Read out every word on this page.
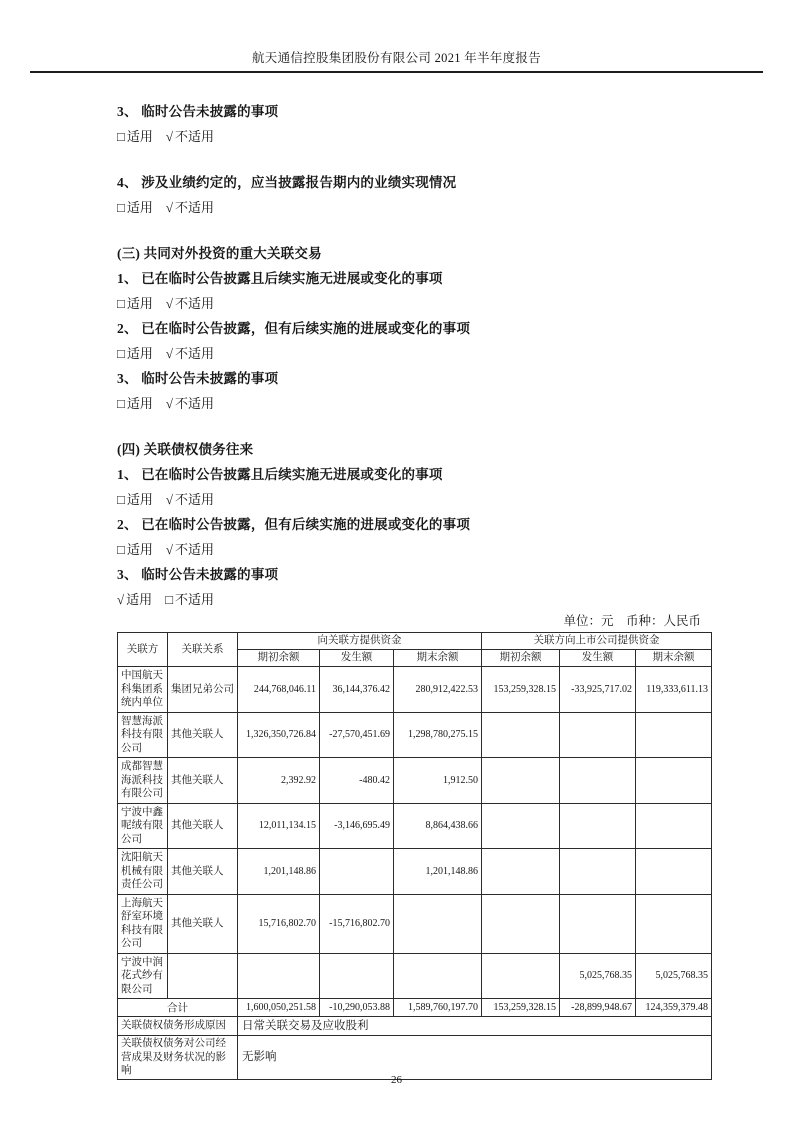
航天通信控股集团股份有限公司 2021 年半年度报告
3、 临时公告未披露的事项
□ 适用 √ 不适用
4、 涉及业绩约定的，应当披露报告期内的业绩实现情况
□ 适用 √ 不适用
(三) 共同对外投资的重大关联交易
1、 已在临时公告披露且后续实施无进展或变化的事项
□ 适用 √ 不适用
2、 已在临时公告披露，但有后续实施的进展或变化的事项
□ 适用 √ 不适用
3、 临时公告未披露的事项
□ 适用 √ 不适用
(四) 关联债权债务往来
1、 已在临时公告披露且后续实施无进展或变化的事项
□ 适用 √ 不适用
2、 已在临时公告披露，但有后续实施的进展或变化的事项
□ 适用 √ 不适用
3、 临时公告未披露的事项
√ 适用 □ 不适用
单位：元　币种：人民币
关联方	关联关系	向关联方提供资金			关联方向上市公司提供资金		
		期初余额	发生额	期末余额	期初余额	发生额	期末余额
中国航天科集团系统内单位	集团兄弟公司	244,768,046.11	36,144,376.42	280,912,422.53	153,259,328.15	-33,925,717.02	119,333,611.13
智慧海派科技有限公司	其他关联人	1,326,350,726.84	-27,570,451.69	1,298,780,275.15			
成都智慧海派科技有限公司	其他关联人	2,392.92	-480.42	1,912.50			
宁波中鑫呢绒有限公司	其他关联人	12,011,134.15	-3,146,695.49	8,864,438.66			
沈阳航天机械有限责任公司	其他关联人	1,201,148.86		1,201,148.86			
上海航天舒室环境科技有限公司	其他关联人	15,716,802.70	-15,716,802.70				
宁波中润花式纱有限公司						5,025,768.35	5,025,768.35
合计		1,600,050,251.58	-10,290,053.88	1,589,760,197.70	153,259,328.15	-28,899,948.67	124,359,379.48
关联债权债务形成原因		日常关联交易及应收股利					
关联债权债务对公司经营成果及财务状况的影响		无影响					
26
